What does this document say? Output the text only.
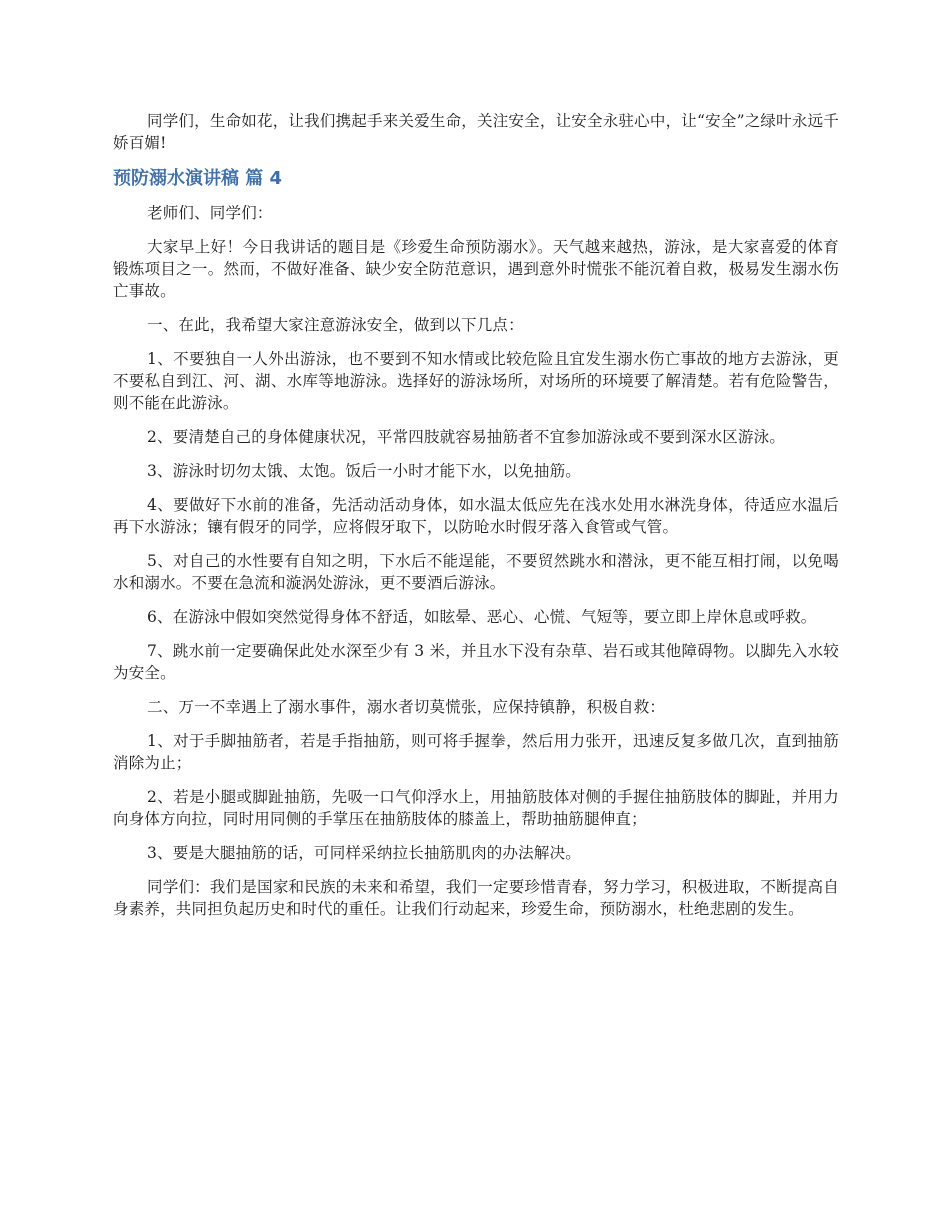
同学们，生命如花，让我们携起手来关爱生命，关注安全，让安全永驻心中，让“安全”之绿叶永远千娇百媚!

预防溺水演讲稿 篇 4

老师们、同学们：

大家早上好！今日我讲话的题目是《珍爱生命预防溺水》。天气越来越热，游泳，是大家喜爱的体育锻炼项目之一。然而，不做好准备、缺少安全防范意识，遇到意外时慌张不能沉着自救，极易发生溺水伤亡事故。

一、在此，我希望大家注意游泳安全，做到以下几点：

1、不要独自一人外出游泳，也不要到不知水情或比较危险且宜发生溺水伤亡事故的地方去游泳，更不要私自到江、河、湖、水库等地游泳。选择好的游泳场所，对场所的环境要了解清楚。若有危险警告，则不能在此游泳。

2、要清楚自己的身体健康状况，平常四肢就容易抽筋者不宜参加游泳或不要到深水区游泳。

3、游泳时切勿太饿、太饱。饭后一小时才能下水，以免抽筋。

4、要做好下水前的准备，先活动活动身体，如水温太低应先在浅水处用水淋洗身体，待适应水温后再下水游泳；镶有假牙的同学，应将假牙取下，以防呛水时假牙落入食管或气管。

5、对自己的水性要有自知之明，下水后不能逞能，不要贸然跳水和潜泳，更不能互相打闹，以免喝水和溺水。不要在急流和漩涡处游泳，更不要酒后游泳。

6、在游泳中假如突然觉得身体不舒适，如眩晕、恶心、心慌、气短等，要立即上岸休息或呼救。

7、跳水前一定要确保此处水深至少有 3 米，并且水下没有杂草、岩石或其他障碍物。以脚先入水较为安全。

二、万一不幸遇上了溺水事件，溺水者切莫慌张，应保持镇静，积极自救：

1、对于手脚抽筋者，若是手指抽筋，则可将手握拳，然后用力张开，迅速反复多做几次，直到抽筋消除为止；

2、若是小腿或脚趾抽筋，先吸一口气仰浮水上，用抽筋肢体对侧的手握住抽筋肢体的脚趾，并用力向身体方向拉，同时用同侧的手掌压在抽筋肢体的膝盖上，帮助抽筋腿伸直；

3、要是大腿抽筋的话，可同样采纳拉长抽筋肌肉的办法解决。

同学们：我们是国家和民族的未来和希望，我们一定要珍惜青春，努力学习，积极进取，不断提高自身素养，共同担负起历史和时代的重任。让我们行动起来，珍爱生命，预防溺水，杜绝悲剧的发生。
